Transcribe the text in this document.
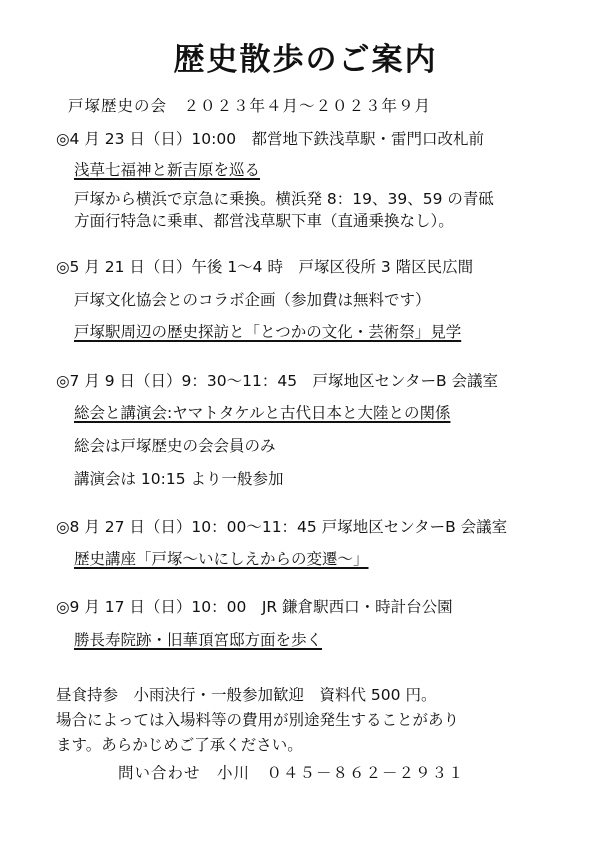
歴史散歩のご案内
戸塚歴史の会　２０２３年４月～２０２３年９月
◎4 月 23 日（日）10:00　都営地下鉄浅草駅・雷門口改札前
浅草七福神と新吉原を巡る
戸塚から横浜で京急に乗換。横浜発 8：19、39、59 の青砥
方面行特急に乗車、都営浅草駅下車（直通乗換なし）。
◎5 月 21 日（日）午後 1～4 時　戸塚区役所 3 階区民広間
戸塚文化協会とのコラボ企画（参加費は無料です）
戸塚駅周辺の歴史探訪と「とつかの文化・芸術祭」見学
◎7 月 9 日（日）9：30～11：45　戸塚地区センターB 会議室
総会と講演会:ヤマトタケルと古代日本と大陸との関係
総会は戸塚歴史の会会員のみ
講演会は 10:15 より一般参加
◎8 月 27 日（日）10：00～11：45 戸塚地区センターB 会議室
歴史講座「戸塚～いにしえからの変遷～」
◎9 月 17 日（日）10：00　JR 鎌倉駅西口・時計台公園
勝長寿院跡・旧華頂宮邸方面を歩く
昼食持参　小雨決行・一般参加歓迎　資料代 500 円。
場合によっては入場料等の費用が別途発生することがあり
ます。あらかじめご了承ください。
問い合わせ　小川　０４５－８６２－２９３１
